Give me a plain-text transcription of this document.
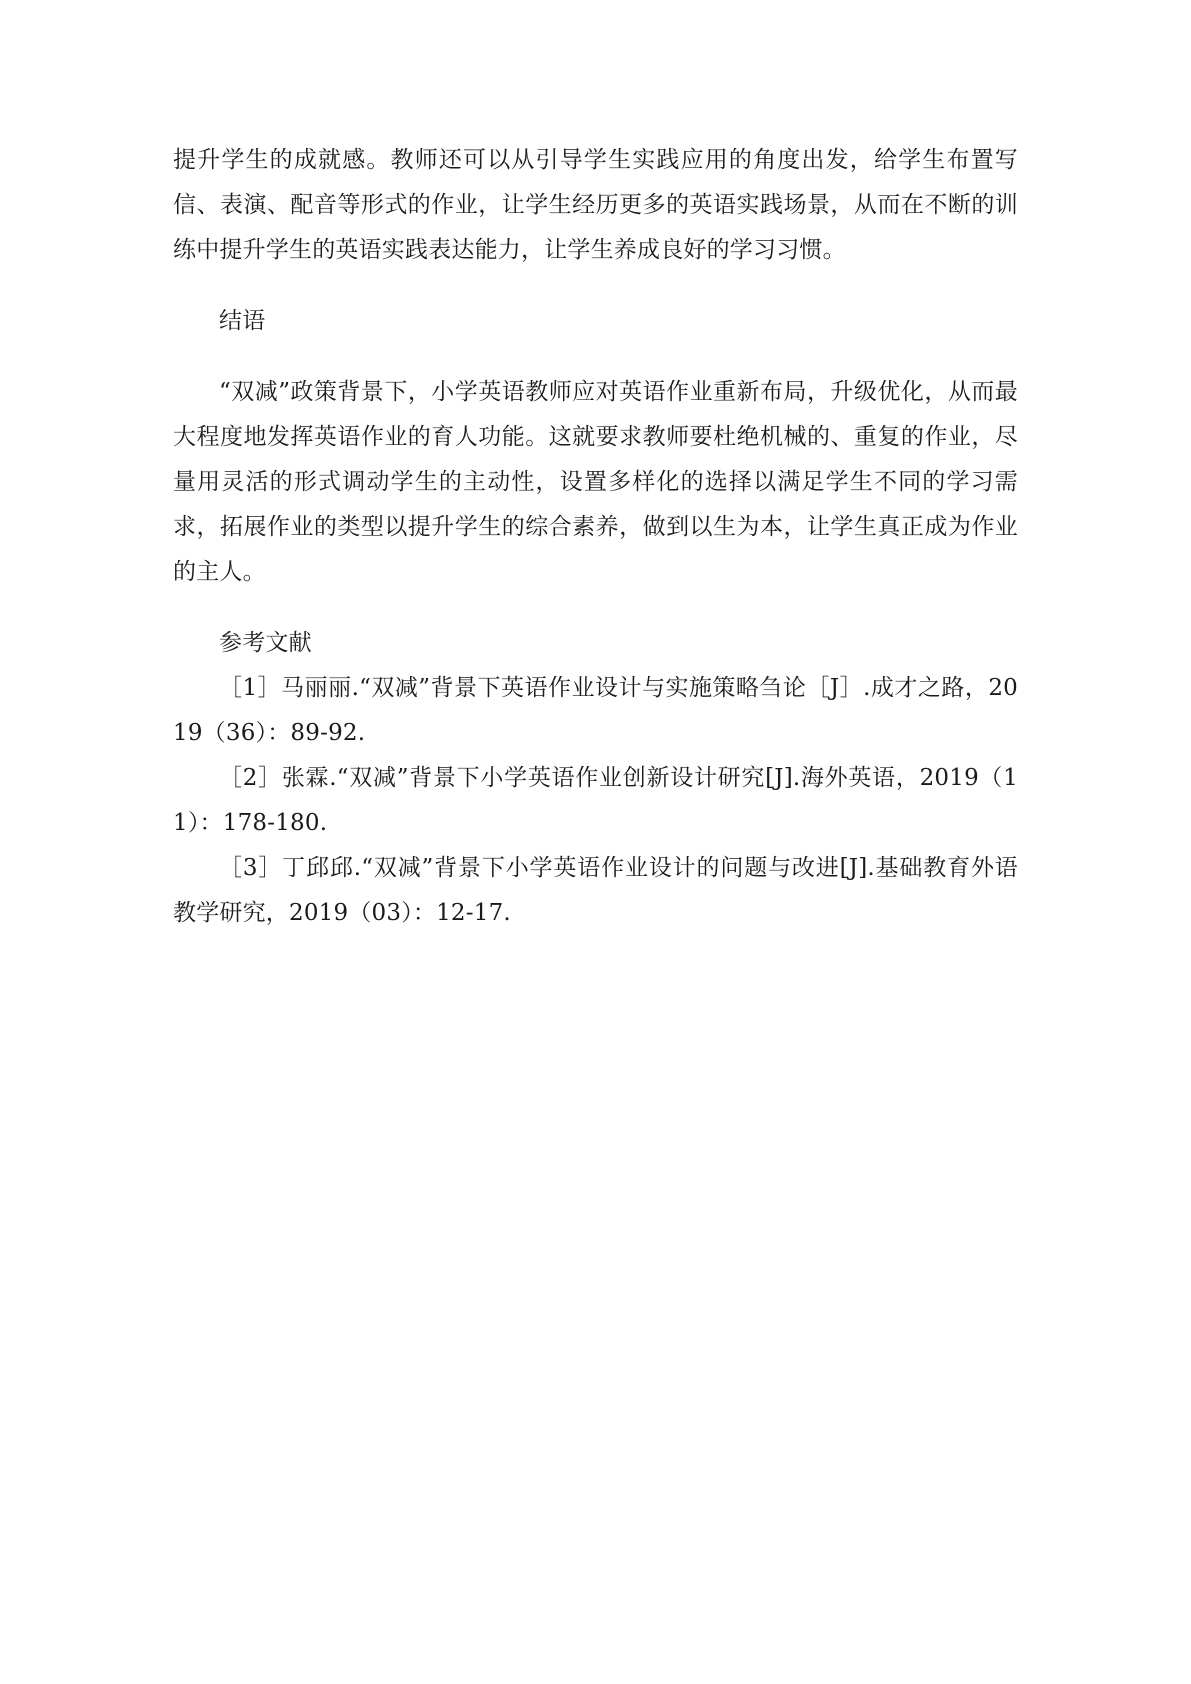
提升学生的成就感。教师还可以从引导学生实践应用的角度出发，给学生布置写信、表演、配音等形式的作业，让学生经历更多的英语实践场景，从而在不断的训练中提升学生的英语实践表达能力，让学生养成良好的学习习惯。

结语

“双减”政策背景下，小学英语教师应对英语作业重新布局，升级优化，从而最大程度地发挥英语作业的育人功能。这就要求教师要杜绝机械的、重复的作业，尽量用灵活的形式调动学生的主动性，设置多样化的选择以满足学生不同的学习需求，拓展作业的类型以提升学生的综合素养，做到以生为本，让学生真正成为作业的主人。

参考文献

［1］马丽丽.“双减”背景下英语作业设计与实施策略刍论［J］.成才之路，2019（36）：89-92.

［2］张霖.“双减”背景下小学英语作业创新设计研究[J].海外英语，2019（11）：178-180.

［3］丁邱邱.“双减”背景下小学英语作业设计的问题与改进[J].基础教育外语教学研究，2019（03）：12-17.
